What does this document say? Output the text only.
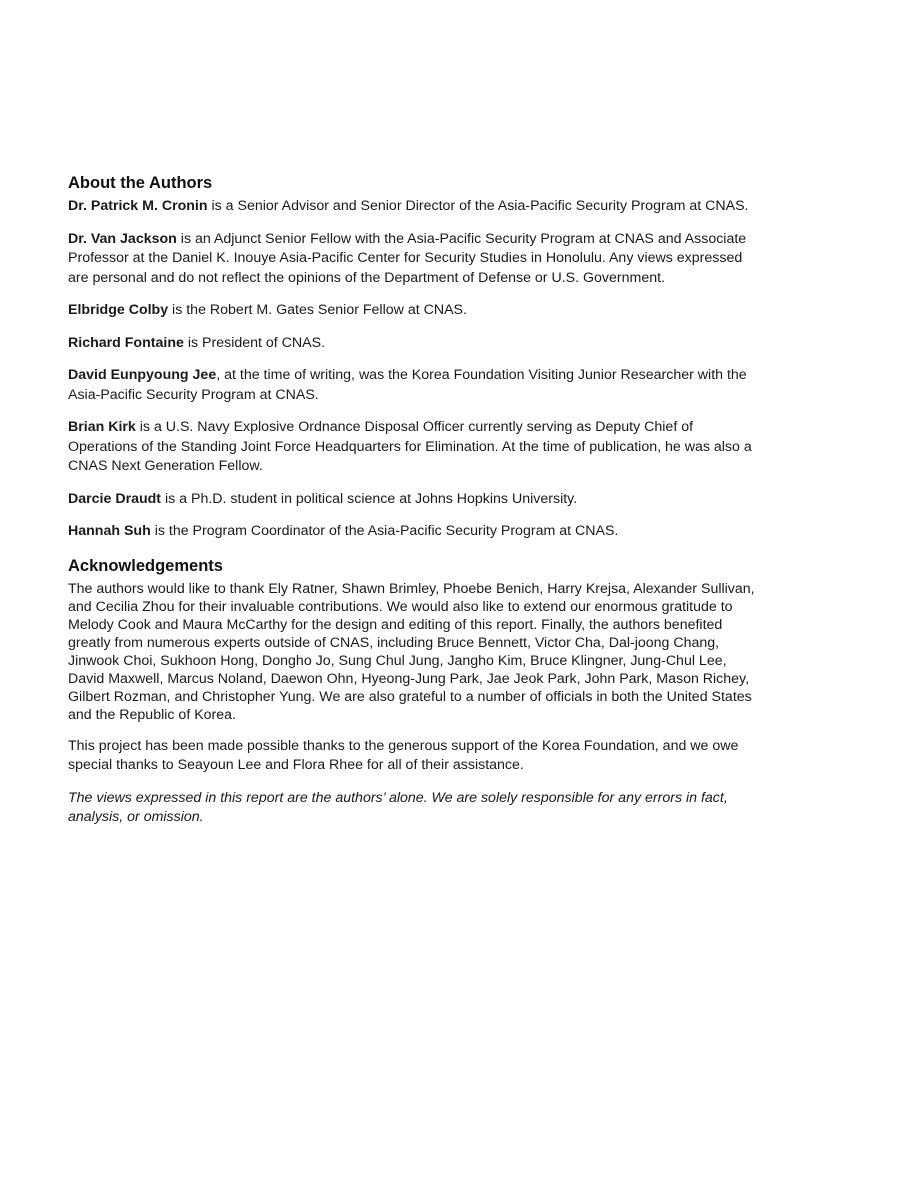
About the Authors

Dr. Patrick M. Cronin is a Senior Advisor and Senior Director of the Asia-Pacific Security Program at CNAS.

Dr. Van Jackson is an Adjunct Senior Fellow with the Asia-Pacific Security Program at CNAS and Associate Professor at the Daniel K. Inouye Asia-Pacific Center for Security Studies in Honolulu. Any views expressed are personal and do not reflect the opinions of the Department of Defense or U.S. Government.

Elbridge Colby is the Robert M. Gates Senior Fellow at CNAS.

Richard Fontaine is President of CNAS.

David Eunpyoung Jee, at the time of writing, was the Korea Foundation Visiting Junior Researcher with the Asia-Pacific Security Program at CNAS.

Brian Kirk is a U.S. Navy Explosive Ordnance Disposal Officer currently serving as Deputy Chief of Operations of the Standing Joint Force Headquarters for Elimination. At the time of publication, he was also a CNAS Next Generation Fellow.

Darcie Draudt is a Ph.D. student in political science at Johns Hopkins University.

Hannah Suh is the Program Coordinator of the Asia-Pacific Security Program at CNAS.

Acknowledgements

The authors would like to thank Ely Ratner, Shawn Brimley, Phoebe Benich, Harry Krejsa, Alexander Sullivan, and Cecilia Zhou for their invaluable contributions. We would also like to extend our enormous gratitude to Melody Cook and Maura McCarthy for the design and editing of this report. Finally, the authors benefited greatly from numerous experts outside of CNAS, including Bruce Bennett, Victor Cha, Dal-joong Chang, Jinwook Choi, Sukhoon Hong, Dongho Jo, Sung Chul Jung, Jangho Kim, Bruce Klingner, Jung-Chul Lee, David Maxwell, Marcus Noland, Daewon Ohn, Hyeong-Jung Park, Jae Jeok Park, John Park, Mason Richey, Gilbert Rozman, and Christopher Yung. We are also grateful to a number of officials in both the United States and the Republic of Korea.

This project has been made possible thanks to the generous support of the Korea Foundation, and we owe special thanks to Seayoun Lee and Flora Rhee for all of their assistance.

The views expressed in this report are the authors’ alone. We are solely responsible for any errors in fact, analysis, or omission.
